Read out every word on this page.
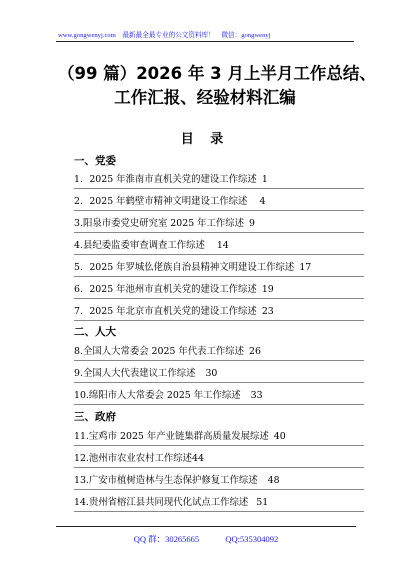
www.gongwenyj.com 最新最全最专业的公文资料库！ 微信：gongwenyj
（99 篇）2026 年 3 月上半月工作总结、
工作汇报、经验材料汇编
目 录
一、党委
1．2025 年淮南市直机关党的建设工作综述 1
2．2025 年鹤壁市精神文明建设工作综述 4
3.阳泉市委党史研究室 2025 年工作综述 9
4.县纪委监委审查调查工作综述 14
5．2025 年罗城仫佬族自治县精神文明建设工作综述 17
6．2025 年池州市直机关党的建设工作综述 19
7．2025 年北京市直机关党的建设工作综述 23
二、人大
8.全国人大常委会 2025 年代表工作综述 26
9.全国人大代表建议工作综述 30
10.绵阳市人大常委会 2025 年工作综述 33
三、政府
11.宝鸡市 2025 年产业链集群高质量发展综述 40
12.池州市农业农村工作综述44
13.广安市植树造林与生态保护修复工作综述 48
14.贵州省榕江县共同现代化试点工作综述 51
QQ 群：30265665	QQ:535304092
